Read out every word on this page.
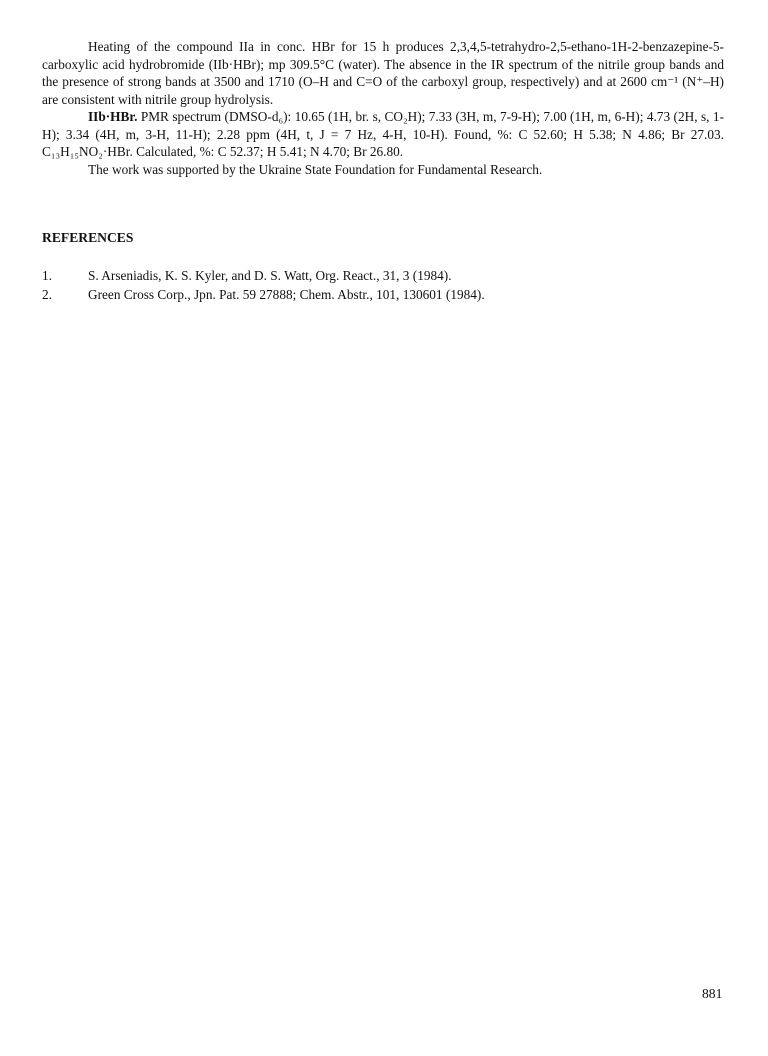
Heating of the compound IIa in conc. HBr for 15 h produces 2,3,4,5-tetrahydro-2,5-ethano-1H-2-benzazepine-5-carboxylic acid hydrobromide (IIb·HBr); mp 309.5°C (water). The absence in the IR spectrum of the nitrile group bands and the presence of strong bands at 3500 and 1710 (O–H and C=O of the carboxyl group, respectively) and at 2600 cm⁻¹ (N⁺–H) are consistent with nitrile group hydrolysis.

IIb·HBr. PMR spectrum (DMSO-d₆): 10.65 (1H, br. s, CO₂H); 7.33 (3H, m, 7-9-H); 7.00 (1H, m, 6-H); 4.73 (2H, s, 1-H); 3.34 (4H, m, 3-H, 11-H); 2.28 ppm (4H, t, J = 7 Hz, 4-H, 10-H). Found, %: C 52.60; H 5.38; N 4.86; Br 27.03. C₁₃H₁₅NO₂·HBr. Calculated, %: C 52.37; H 5.41; N 4.70; Br 26.80.

The work was supported by the Ukraine State Foundation for Fundamental Research.

REFERENCES
1.	S. Arseniadis, K. S. Kyler, and D. S. Watt, Org. React., 31, 3 (1984).
2.	Green Cross Corp., Jpn. Pat. 59 27888; Chem. Abstr., 101, 130601 (1984).

881
